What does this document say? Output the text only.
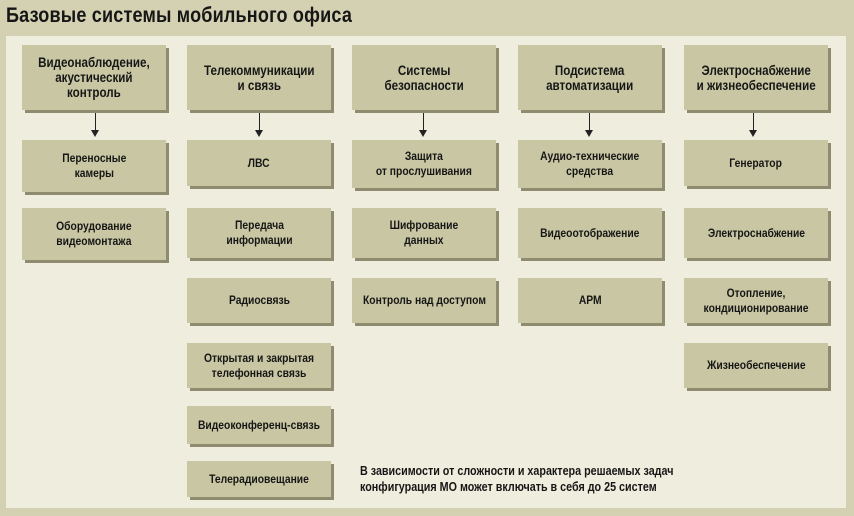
Базовые системы мобильного офиса
Видеонаблюдение,
акустический
контроль
Переносные
камеры
Оборудование
видеомонтажа
Телекоммуникации
и связь
ЛВС
Передача
информации
Радиосвязь
Открытая и закрытая
телефонная связь
Видеоконференц-связь
Телерадиовещание
Системы
безопасности
Защита
от прослушивания
Шифрование
данных
Контроль над доступом
Подсистема
автоматизации
Аудио-технические
средства
Видеоотображение
АРМ
Электроснабжение
и жизнеобеспечение
Генератор
Электроснабжение
Отопление,
кондиционирование
Жизнеобеспечение
В зависимости от сложности и характера решаемых задач
конфигурация МО может включать в себя до 25 систем
